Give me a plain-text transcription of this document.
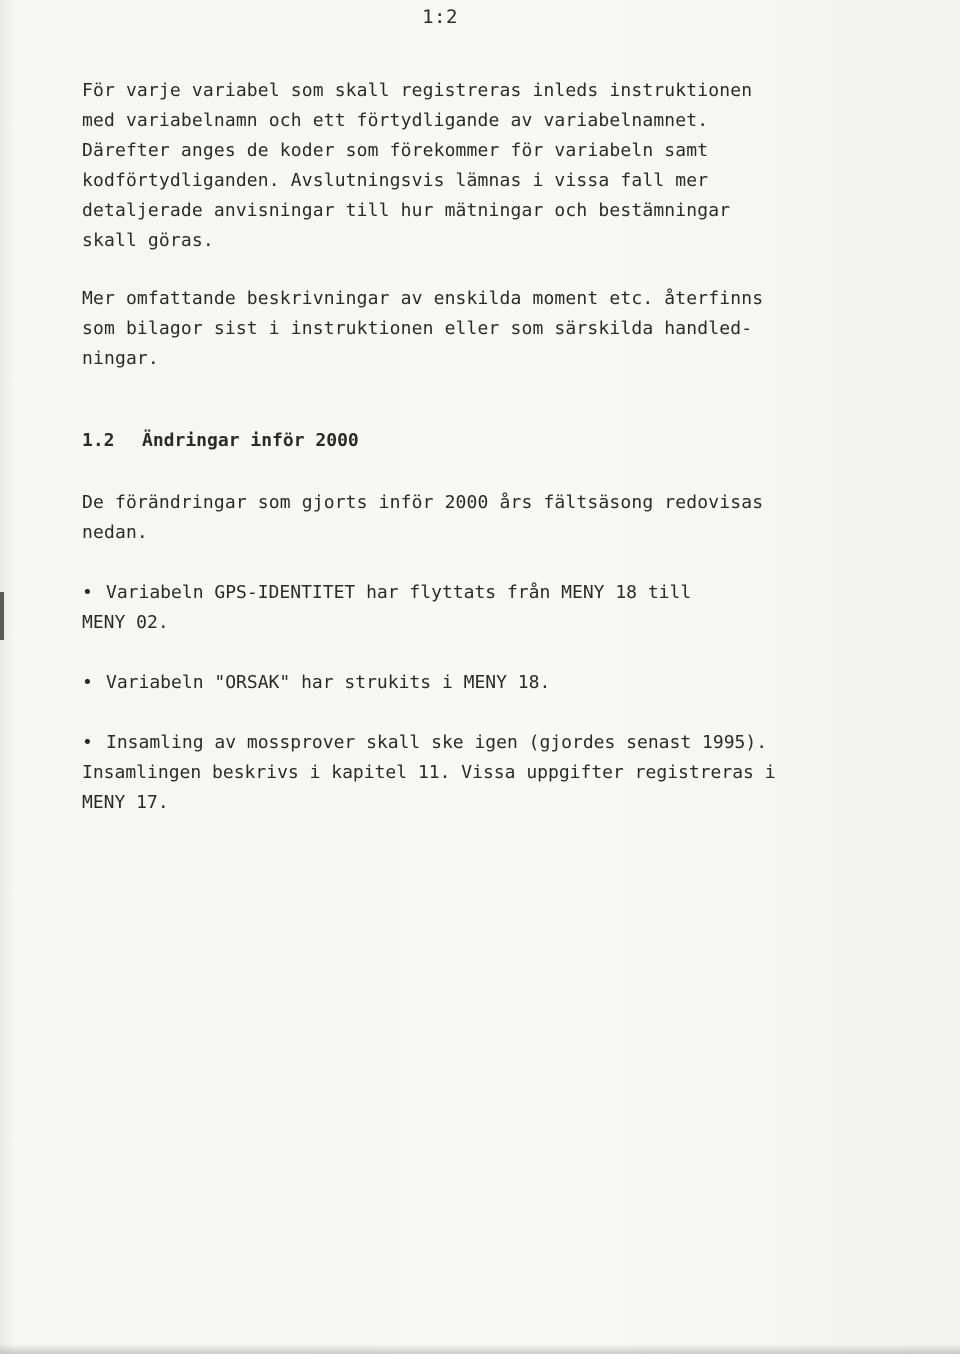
1:2

För varje variabel som skall registreras inleds instruktionen
med variabelnamn och ett förtydligande av variabelnamnet.
Därefter anges de koder som förekommer för variabeln samt
kodförtydliganden. Avslutningsvis lämnas i vissa fall mer
detaljerade anvisningar till hur mätningar och bestämningar
skall göras.

Mer omfattande beskrivningar av enskilda moment etc. återfinns
som bilagor sist i instruktionen eller som särskilda handled-
ningar.

1.2 Ändringar inför 2000

De förändringar som gjorts inför 2000 års fältsäsong redovisas
nedan.

• Variabeln GPS-IDENTITET har flyttats från MENY 18 till
MENY 02.
• Variabeln "ORSAK" har strukits i MENY 18.
• Insamling av mossprover skall ske igen (gjordes senast 1995).
Insamlingen beskrivs i kapitel 11. Vissa uppgifter registreras i
MENY 17.
